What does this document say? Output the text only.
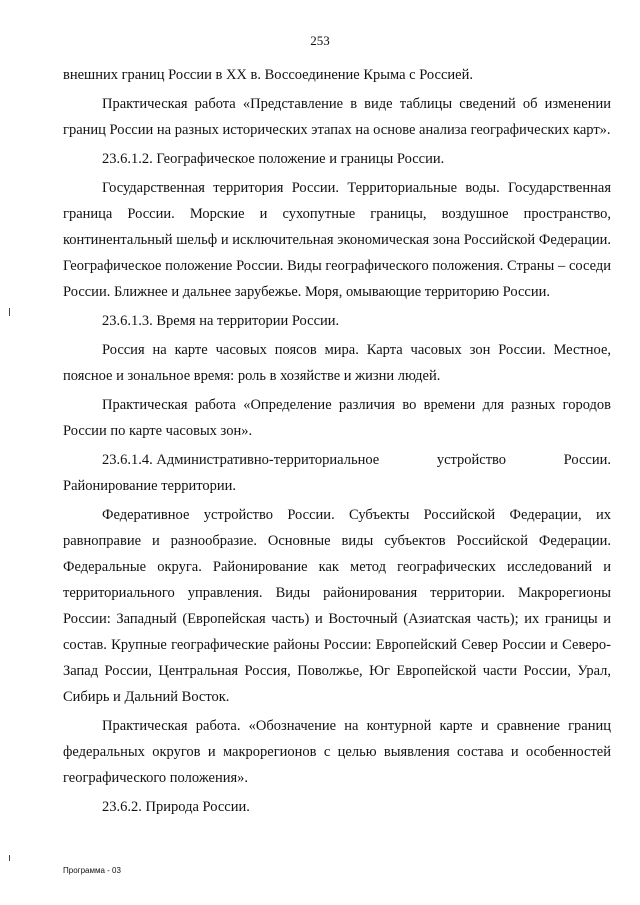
253

внешних границ России в XX в. Воссоединение Крыма с Россией.

Практическая работа «Представление в виде таблицы сведений об изменении границ России на разных исторических этапах на основе анализа географических карт».

23.6.1.2. Географическое положение и границы России.

Государственная территория России. Территориальные воды. Государственная граница России. Морские и сухопутные границы, воздушное пространство, континентальный шельф и исключительная экономическая зона Российской Федерации. Географическое положение России. Виды географического положения. Страны – соседи России. Ближнее и дальнее зарубежье. Моря, омывающие территорию России.

23.6.1.3. Время на территории России.

Россия на карте часовых поясов мира. Карта часовых зон России. Местное, поясное и зональное время: роль в хозяйстве и жизни людей.

Практическая работа «Определение различия во времени для разных городов России по карте часовых зон».

23.6.1.4. Административно-территориальное	устройство	России.

Районирование территории.

Федеративное устройство России. Субъекты Российской Федерации, их равноправие и разнообразие. Основные виды субъектов Российской Федерации. Федеральные округа. Районирование как метод географических исследований и территориального управления. Виды районирования территории. Макрорегионы России: Западный (Европейская часть) и Восточный (Азиатская часть); их границы и состав. Крупные географические районы России: Европейский Север России и Северо-Запад России, Центральная Россия, Поволжье, Юг Европейской части России, Урал, Сибирь и Дальний Восток.

Практическая работа. «Обозначение на контурной карте и сравнение границ федеральных округов и макрорегионов с целью выявления состава и особенностей географического положения».

23.6.2. Природа России.

Программа - 03
